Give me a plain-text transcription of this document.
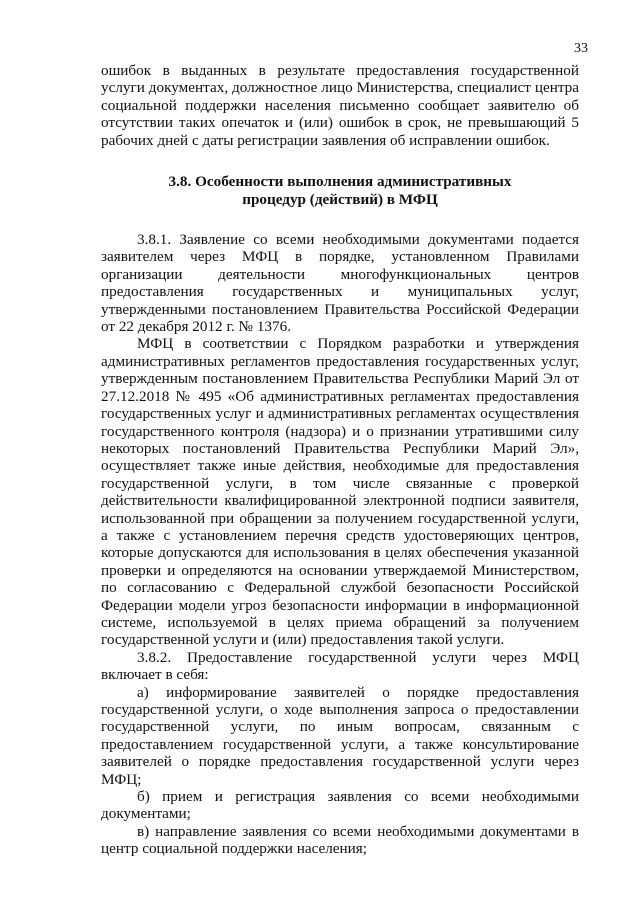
33

ошибок в выданных в результате предоставления государственной услуги документах, должностное лицо Министерства, специалист центра социальной поддержки населения письменно сообщает заявителю об отсутствии таких опечаток и (или) ошибок в срок, не превышающий 5 рабочих дней с даты регистрации заявления об исправлении ошибок.

3.8. Особенности выполнения административных
процедур (действий) в МФЦ

3.8.1. Заявление со всеми необходимыми документами подается заявителем через МФЦ в порядке, установленном Правилами организации деятельности многофункциональных центров предоставления государственных и муниципальных услуг, утвержденными постановлением Правительства Российской Федерации от 22 декабря 2012 г. № 1376.

МФЦ в соответствии с Порядком разработки и утверждения административных регламентов предоставления государственных услуг, утвержденным постановлением Правительства Республики Марий Эл от 27.12.2018 № 495 «Об административных регламентах предоставления государственных услуг и административных регламентах осуществления государственного контроля (надзора) и о признании утратившими силу некоторых постановлений Правительства Республики Марий Эл», осуществляет также иные действия, необходимые для предоставления государственной услуги, в том числе связанные с проверкой действительности квалифицированной электронной подписи заявителя, использованной при обращении за получением государственной услуги, а также с установлением перечня средств удостоверяющих центров, которые допускаются для использования в целях обеспечения указанной проверки и определяются на основании утверждаемой Министерством, по согласованию с Федеральной службой безопасности Российской Федерации модели угроз безопасности информации в информационной системе, используемой в целях приема обращений за получением государственной услуги и (или) предоставления такой услуги.

3.8.2. Предоставление государственной услуги через МФЦ включает в себя:

а) информирование заявителей о порядке предоставления государственной услуги, о ходе выполнения запроса о предоставлении государственной услуги, по иным вопросам, связанным с предоставлением государственной услуги, а также консультирование заявителей о порядке предоставления государственной услуги через МФЦ;

б) прием и регистрация заявления со всеми необходимыми документами;

в) направление заявления со всеми необходимыми документами в центр социальной поддержки населения;
